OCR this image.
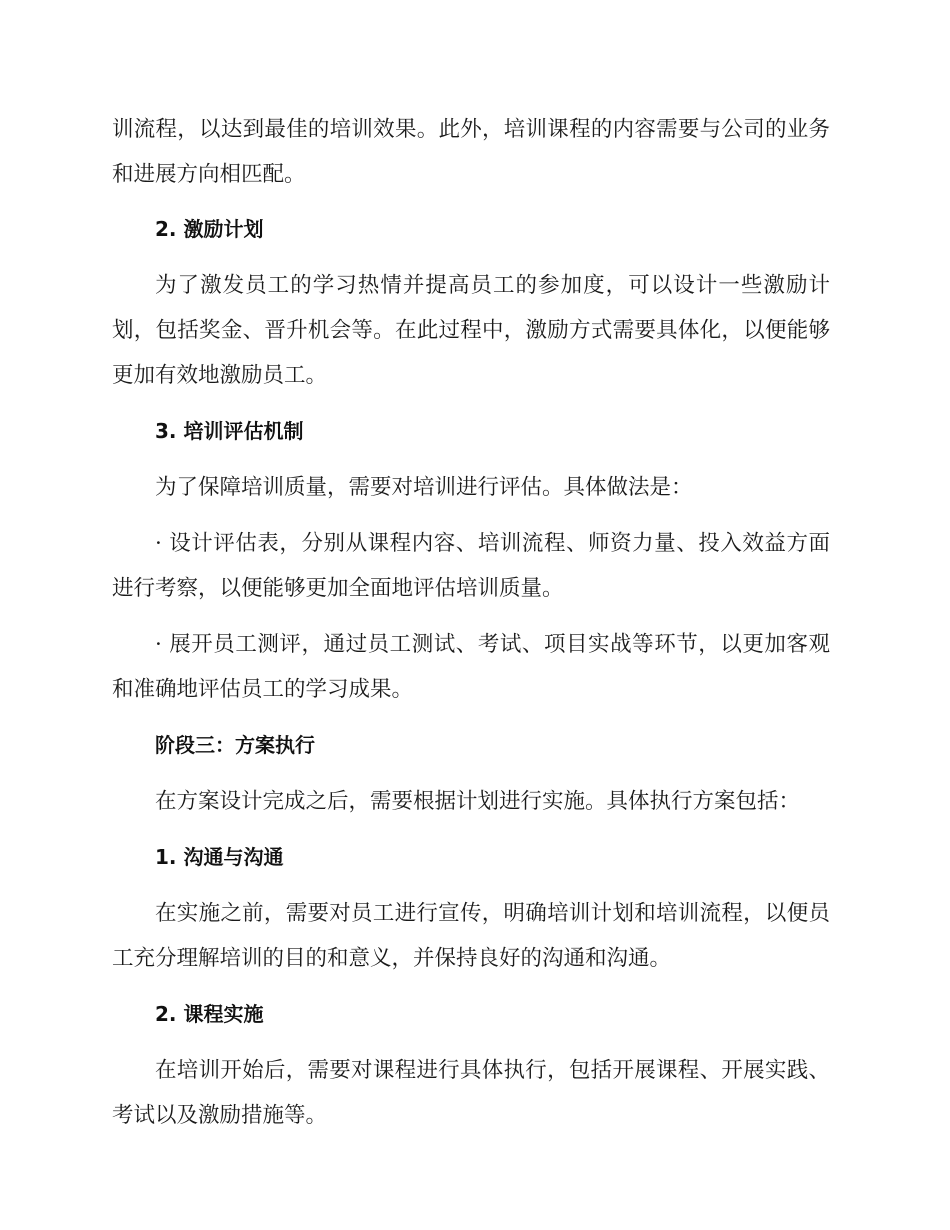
训流程，以达到最佳的培训效果。此外，培训课程的内容需要与公司的业务和进展方向相匹配。

2. 激励计划

为了激发员工的学习热情并提高员工的参加度，可以设计一些激励计划，包括奖金、晋升机会等。在此过程中，激励方式需要具体化，以便能够更加有效地激励员工。

3. 培训评估机制

为了保障培训质量，需要对培训进行评估。具体做法是：

· 设计评估表，分别从课程内容、培训流程、师资力量、投入效益方面进行考察，以便能够更加全面地评估培训质量。

· 展开员工测评，通过员工测试、考试、项目实战等环节，以更加客观和准确地评估员工的学习成果。

阶段三：方案执行

在方案设计完成之后，需要根据计划进行实施。具体执行方案包括：

1. 沟通与沟通

在实施之前，需要对员工进行宣传，明确培训计划和培训流程，以便员工充分理解培训的目的和意义，并保持良好的沟通和沟通。

2. 课程实施

在培训开始后，需要对课程进行具体执行，包括开展课程、开展实践、考试以及激励措施等。
